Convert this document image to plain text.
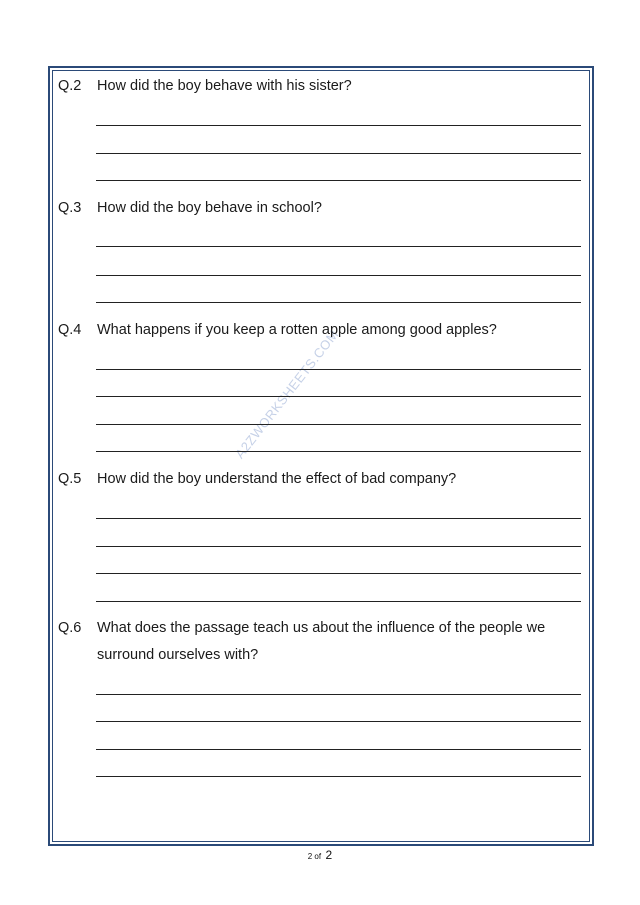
A2ZWORKSHEETS.COM
Q.2 How did the boy behave with his sister?
Q.3 How did the boy behave in school?
Q.4 What happens if you keep a rotten apple among good apples?
Q.5 How did the boy understand the effect of bad company?
Q.6 What does the passage teach us about the influence of the people we
surround ourselves with?
2 of 2
